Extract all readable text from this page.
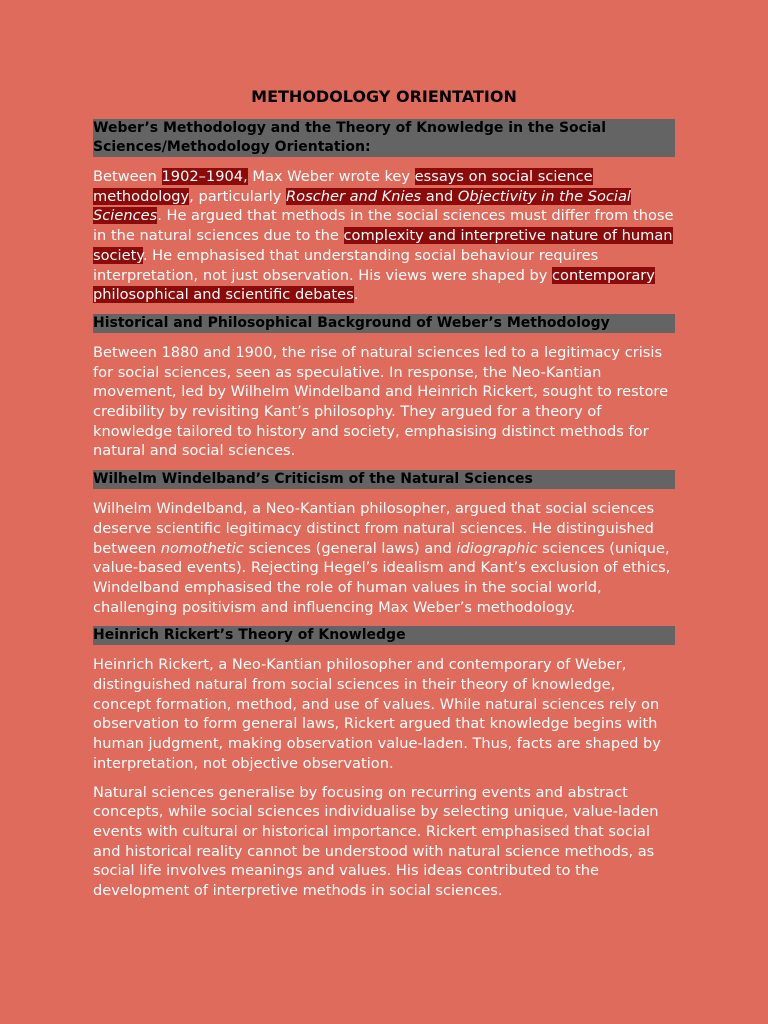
METHODOLOGY ORIENTATION
Weber’s Methodology and the Theory of Knowledge in the Social Sciences/Methodology Orientation:

Between 1902–1904, Max Weber wrote key essays on social science methodology, particularly Roscher and Knies and Objectivity in the Social Sciences. He argued that methods in the social sciences must differ from those in the natural sciences due to the complexity and interpretive nature of human society. He emphasised that understanding social behaviour requires interpretation, not just observation. His views were shaped by contemporary philosophical and scientific debates.

Historical and Philosophical Background of Weber’s Methodology

Between 1880 and 1900, the rise of natural sciences led to a legitimacy crisis for social sciences, seen as speculative. In response, the Neo-Kantian movement, led by Wilhelm Windelband and Heinrich Rickert, sought to restore credibility by revisiting Kant’s philosophy. They argued for a theory of knowledge tailored to history and society, emphasising distinct methods for natural and social sciences.

Wilhelm Windelband’s Criticism of the Natural Sciences

Wilhelm Windelband, a Neo-Kantian philosopher, argued that social sciences deserve scientific legitimacy distinct from natural sciences. He distinguished between nomothetic sciences (general laws) and idiographic sciences (unique, value-based events). Rejecting Hegel’s idealism and Kant’s exclusion of ethics, Windelband emphasised the role of human values in the social world, challenging positivism and influencing Max Weber’s methodology.

Heinrich Rickert’s Theory of Knowledge

Heinrich Rickert, a Neo-Kantian philosopher and contemporary of Weber, distinguished natural from social sciences in their theory of knowledge, concept formation, method, and use of values. While natural sciences rely on observation to form general laws, Rickert argued that knowledge begins with human judgment, making observation value-laden. Thus, facts are shaped by interpretation, not objective observation.

Natural sciences generalise by focusing on recurring events and abstract concepts, while social sciences individualise by selecting unique, value-laden events with cultural or historical importance. Rickert emphasised that social and historical reality cannot be understood with natural science methods, as social life involves meanings and values. His ideas contributed to the development of interpretive methods in social sciences.
